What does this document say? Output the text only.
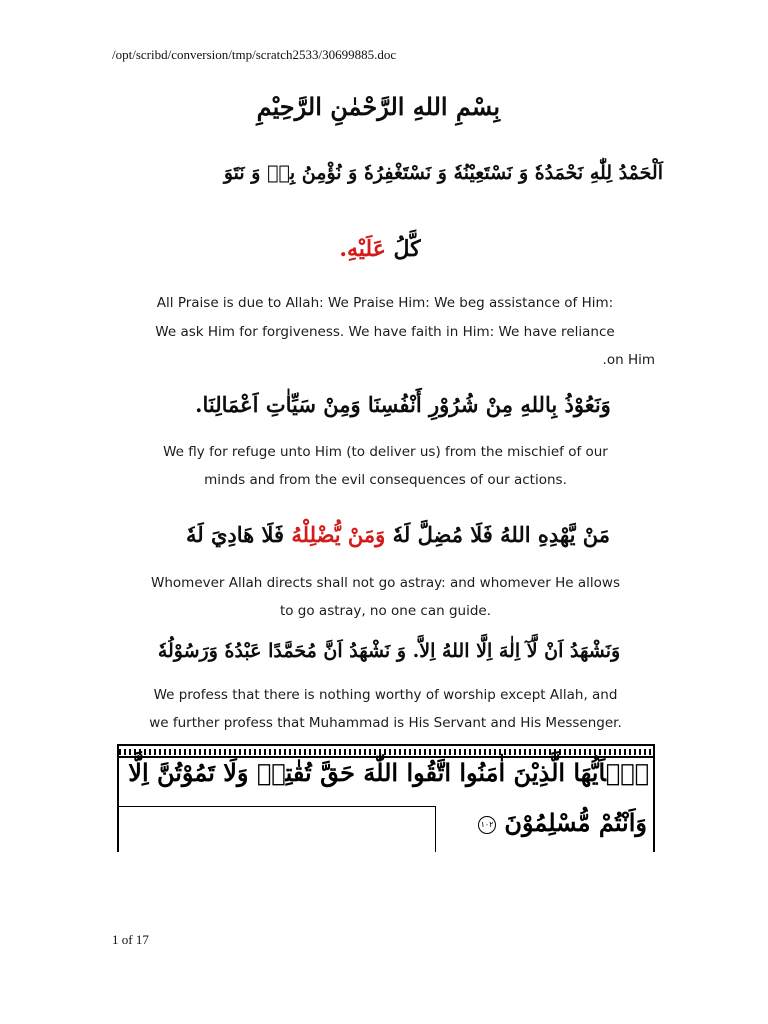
/opt/scribd/conversion/tmp/scratch2533/30699885.doc
بِسْمِ اللهِ الرَّحْمٰنِ الرَّحِيْمِ
اَلْحَمْدُ لِلّٰهِ نَحْمَدُهٗ وَ نَسْتَعِيْنُهٗ وَ نَسْتَغْفِرُهٗ وَ نُؤْمِنُ بِهٖ وَ نَتَوَ
كَّلُ عَلَيْهِ.
All Praise is due to Allah: We Praise Him: We beg assistance of Him:
We ask Him for forgiveness. We have faith in Him: We have reliance
.on Him
وَنَعُوْذُ بِاللهِ مِنْ شُرُوْرِ أَنْفُسِنَا وَمِنْ سَيِّاٰتِ اَعْمَالِنَا.
We fly for refuge unto Him (to deliver us) from the mischief of our
minds and from the evil consequences of our actions.
مَنْ يَّهْدِهِ اللهُ فَلَا مُضِلَّ لَهٗ وَمَنْ يُّضْلِلْهُ فَلَا هَادِيَ لَهٗ
Whomever Allah directs shall not go astray: and whomever He allows
to go astray, no one can guide.
وَنَشْهَدُ اَنْ لَّآ اِلٰهَ اِلَّا اللهُ اِلاَّ. وَ نَشْهَدُ اَنَّ مُحَمَّدًا عَبْدُهٗ وَرَسُوْلُهٗ
We profess that there is nothing worthy of worship except Allah, and
we further profess that Muhammad is His Servant and His Messenger.
يٰۤاَيُّهَا الَّذِيْنَ اٰمَنُوا اتَّقُوا اللّٰهَ حَقَّ تُقٰتِهٖ وَلَا تَمُوْتُنَّ اِلَّا
وَاَنْتُمْ مُّسْلِمُوْنَ ١٠٢
1 of 17
